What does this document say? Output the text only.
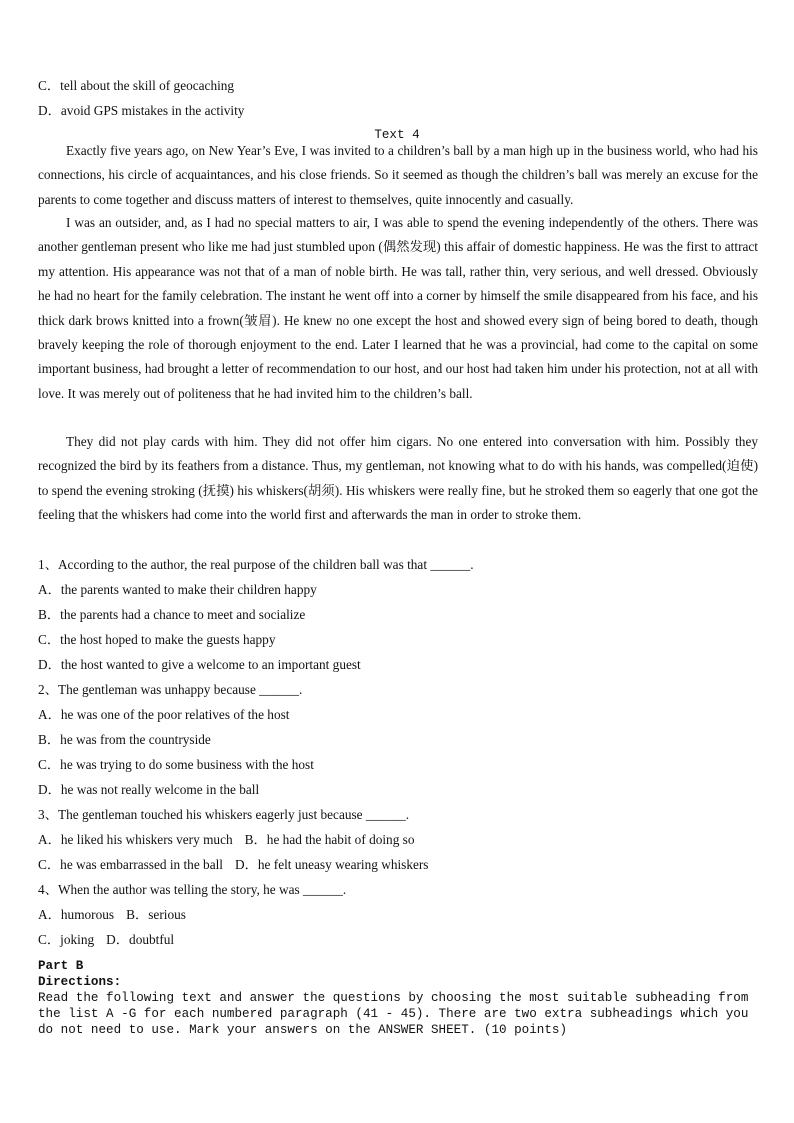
C．tell about the skill of geocaching
D．avoid GPS mistakes in the activity
Text 4
Exactly five years ago, on New Year’s Eve, I was invited to a children’s ball by a man high up in the business world, who had his connections, his circle of acquaintances, and his close friends. So it seemed as though the children’s ball was merely an excuse for the parents to come together and discuss matters of interest to themselves, quite innocently and casually.
I was an outsider, and, as I had no special matters to air, I was able to spend the evening independently of the others. There was another gentleman present who like me had just stumbled upon (偶然发现) this affair of domestic happiness. He was the first to attract my attention. His appearance was not that of a man of noble birth. He was tall, rather thin, very serious, and well dressed. Obviously he had no heart for the family celebration. The instant he went off into a corner by himself the smile disappeared from his face, and his thick dark brows knitted into a frown(皱眉). He knew no one except the host and showed every sign of being bored to death, though bravely keeping the role of thorough enjoyment to the end. Later I learned that he was a provincial, had come to the capital on some important business, had brought a letter of recommendation to our host, and our host had taken him under his protection, not at all with love. It was merely out of politeness that he had invited him to the children’s ball.
They did not play cards with him. They did not offer him cigars. No one entered into conversation with him. Possibly they recognized the bird by its feathers from a distance. Thus, my gentleman, not knowing what to do with his hands, was compelled(迫使) to spend the evening stroking (抚摸) his whiskers(胡须). His whiskers were really fine, but he stroked them so eagerly that one got the feeling that the whiskers had come into the world first and afterwards the man in order to stroke them.
1、According to the author, the real purpose of the children ball was that ______.
A．the parents wanted to make their children happy
B．the parents had a chance to meet and socialize
C．the host hoped to make the guests happy
D．the host wanted to give a welcome to an important guest
2、The gentleman was unhappy because ______.
A．he was one of the poor relatives of the host
B．he was from the countryside
C．he was trying to do some business with the host
D．he was not really welcome in the ball
3、The gentleman touched his whiskers eagerly just because ______.
A．he liked his whiskers very much B．he had the habit of doing so
C．he was embarrassed in the ball D．he felt uneasy wearing whiskers
4、When the author was telling the story, he was ______.
A．humorous B．serious
C．joking D．doubtful
Part B
Directions:
Read the following text and answer the questions by choosing the most suitable subheading from the list A -G for each numbered paragraph (41 - 45). There are two extra subheadings which you do not need to use. Mark your answers on the ANSWER SHEET. (10 points)
